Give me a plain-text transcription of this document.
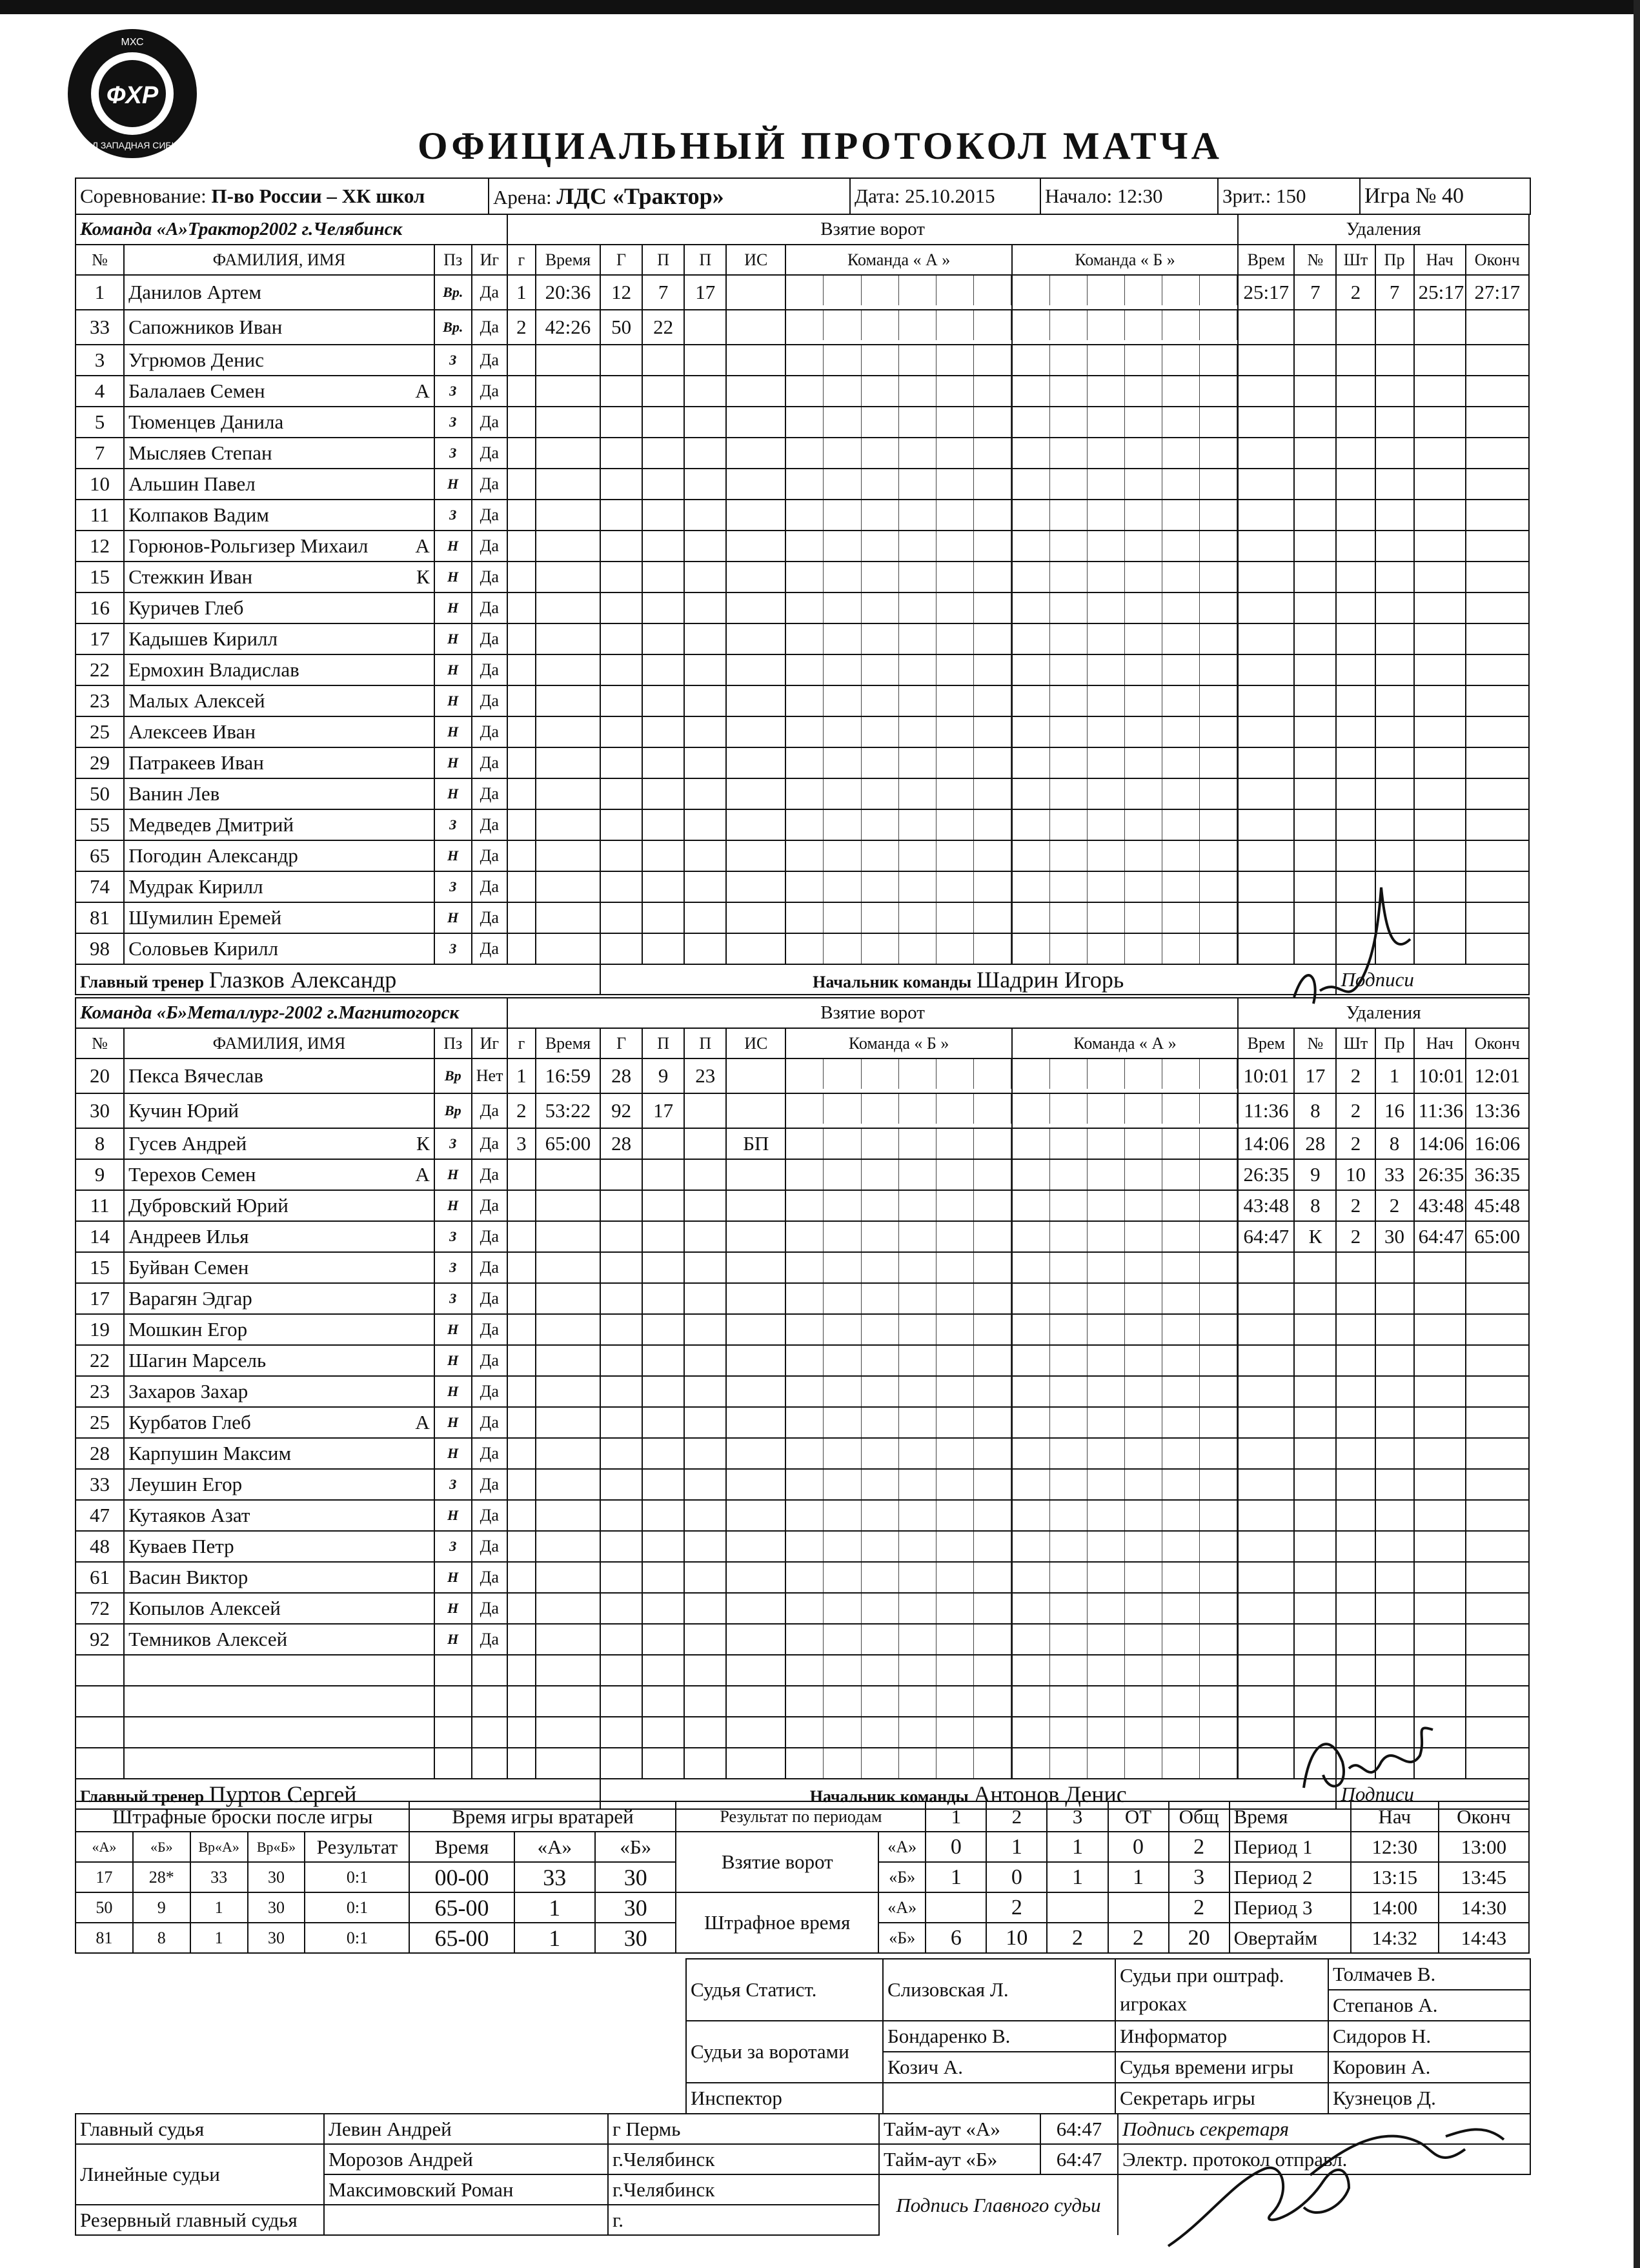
ФХР
МХС
УРАЛ ЗАПАДНАЯ СИБИРЬ	ОФИЦИАЛЬНЫЙ ПРОТОКОЛ МАТЧА
Соревнование: П-во России – ХК школ	Арена: ЛДС «Трактор»	Дата: 25.10.2015	Начало: 12:30	Зрит.: 150	Игра № 40
Команда «А»Трактор2002 г.Челябинск				Взятие ворот								Удаления					
№	ФАМИЛИЯ, ИМЯ	Пз	Иг	г	Время	Г	П	П	ИС	Команда « А »	Команда « Б »	Врем	№	Шт	Пр	Нач	Оконч
1	Данилов Артем	Вр.	Да	1	20:36	12	7	17				25:17	7	2	7	25:17	27:17
33	Сапожников Иван	Вр.	Да	2	42:26	50	22			

3	Угрюмов Денис	З	Да							

4	Балалаев Семен А	З	Да							

5	Тюменцев Данила	З	Да							

7	Мысляев Степан	З	Да							

10	Альшин Павел	Н	Да							

11	Колпаков Вадим	З	Да							

12	Горюнов-Рольгизер Михаил А	Н	Да							

15	Стежкин Иван К	Н	Да							

16	Куричев Глеб	Н	Да							

17	Кадышев Кирилл	Н	Да							

22	Ермохин Владислав	Н	Да							

23	Малых Алексей	Н	Да							

25	Алексеев Иван	Н	Да							

29	Патракеев Иван	Н	Да							

50	Ванин Лев	Н	Да							

55	Медведев Дмитрий	З	Да							

65	Погодин Александр	Н	Да							

74	Мудрак Кирилл	З	Да							

81	Шумилин Еремей	Н	Да							

98	Соловьев Кирилл	З	Да							

Главный тренер Глазков Александр						Начальник команды Шадрин Игорь								Подписи			
Команда «Б»Металлург-2002 г.Магнитогорск				Взятие ворот								Удаления					
№	ФАМИЛИЯ, ИМЯ	Пз	Иг	г	Время	Г	П	П	ИС	Команда « Б »	Команда « А »	Врем	№	Шт	Пр	Нач	Оконч
20	Пекса Вячеслав	Вр	Нет	1	16:59	28	9	23				10:01	17	2	1	10:01	12:01
30	Кучин Юрий	Вр	Да	2	53:22	92	17					11:36	8	2	16	11:36	13:36
8	Гусев Андрей К	З	Да	3	65:00	28			БП			14:06	28	2	8	14:06	16:06
9	Терехов Семен А	Н	Да									26:35	9	10	33	26:35	36:35
11	Дубровский Юрий	Н	Да									43:48	8	2	2	43:48	45:48
14	Андреев Илья	З	Да									64:47	К	2	30	64:47	65:00
15	Буйван Семен	З	Да							

17	Варагян Эдгар	З	Да							

19	Мошкин Егор	Н	Да							

22	Шагин Марсель	Н	Да							

23	Захаров Захар	Н	Да							

25	Курбатов Глеб А	Н	Да							

28	Карпушин Максим	Н	Да							

33	Леушин Егор	З	Да							

47	Кутаяков Азат	Н	Да							

48	Куваев Петр	З	Да							

61	Васин Виктор	Н	Да							

72	Копылов Алексей	Н	Да							

92	Темников Алексей	Н	Да							

Главный тренер Пуртов Сергей						Начальник команды Антонов Денис								Подписи			
Штрафные броски после игры					Время игры вратарей			Результат по периодам		1	2	3	ОТ	Общ	Время	Нач	Оконч
«А»	«Б»	Вр«А»	Вр«Б»	Результат	Время	«А»	«Б»	Взятие ворот	«А»	0	1	1	0	2	Период 1	12:30	13:00
17	28*	33	30	0:1	00-00	33	30		«Б»	1	0	1	1	3	Период 2	13:15	13:45
50	9	1	30	0:1	65-00	1	30	Штрафное время	«А»		2			2	Период 3	14:00	14:30
81	8	1	30	0:1	65-00	1	30		«Б»	6	10	2	2	20	Овертайм	14:32	14:43
Судья Статист.	Слизовская Л.	Судьи при оштраф. игроках	Толмачев В.
			Степанов А.
Судьи за воротами	Бондаренко В.	Информатор	Сидоров Н.
	Козич А.	Судья времени игры	Коровин А.
Инспектор		Секретарь игры	Кузнецов Д.
Главный судья	Левин Андрей	г Пермь	Тайм-аут «А»	64:47	Подпись секретаря
Линейные судьи	Морозов Андрей	г.Челябинск	Тайм-аут «Б»	64:47	Электр. протокол отправл.
	Максимовский Роман	г.Челябинск	Подпись Главного судьи		
Резервный главный судья		г.			
